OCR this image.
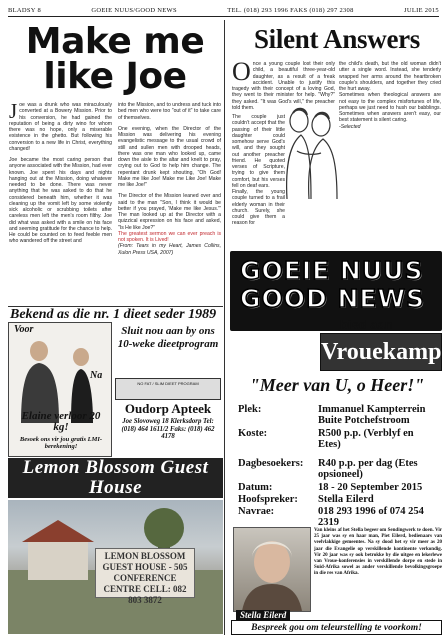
BLADSY 8	GOEIE NUUS/GOOD NEWS	TEL. (018) 293 1996 FAKS (018) 297 2308	JULIE 2015
Make me like Joe
J oe was a drunk who was miraculously converted at a Bowery Mission. Prior to his conversion, he had gained the reputation of being a dirty wino for whom there was no hope, only a miserable existence in the ghetto. But following his conversion to a new life in Christ, everything changed!

Joe became the most caring person that anyone associated with the Mission, had ever known. Joe spent his days and nights hanging out at the Mission, doing whatever needed to be done. There was never anything that he was asked to do that he considered beneath him, whether it was cleaning up the vomit left by some violently sick alcoholic or scrubbing toilets after careless men left the men's room filthy. Joe did what was asked with a smile on his face and seeming gratitude for the chance to help. He could be counted on to feed feeble men who wandered off the street and

into the Mission, and to undress and tuck into bed men who were too "out of it" to take care of themselves.

One evening, when the Director of the Mission was delivering his evening evangelistic message to the usual crowd of still and sullen men with drooped heads, there was one man who looked up, came down the aisle to the altar and knelt to pray, crying out to God to help him change. The repentant drunk kept shouting, "Oh God! Make me like Joe! Make me Like Joe! Make me like Joe!"

The Director of the Mission leaned over and said to the man "Son, I think it would be better if you prayed, 'Make me like Jesus.'" The man looked up at the Director with a quizzical expression on his face and asked, "Is He like Joe?"

The greatest sermon we can ever preach is not spoken. It is Lived!

(From: Tears in my Heart, James Collins, Xulon Press USA, 2007)

Silent Answers
O nce a young couple lost their only child, a beautiful three-year-old daughter, as a result of a freak accident. Unable to justify this tragedy with their concept of a loving God, they went to their minister for help. "Why?" they asked. "It was God's will," the preacher told them.

The couple just couldn't accept that the passing of their little daughter could somehow serve God's will, and they sought out another preacher friend. He quoted verses of Scripture, trying to give them comfort, but his verses fell on deaf ears.

Finally, the young couple turned to a frail elderly woman in their church. Surely, she could give them a reason for

the child's death, but the old woman didn't utter a single word. Instead, she tenderly wrapped her arms around the heartbroken couple's shoulders, and together they cried the hurt away.

Sometimes when theological answers are not easy to the complex misfortunes of life, perhaps we just need to hush our babblings. Sometimes when answers aren't easy, our best statement is silent caring.

-Selected

GOEIE NUUS
GOOD NEWS
bied aan
Vrouekamp
"Meer van U, o Heer!"
Plek:	Immanuel Kampterrein Buite Potchefstroom
Koste:	R500 p.p. (Verblyf en Etes)
Dagbesoekers: R40 p.p. per dag (Etes opsioneel)
Datum:	18 - 20 September 2015
Hoofspreker: Stella Eilerd
Navrae:	018 293 1996 of 074 254 2319
Stella Eilerd
Van kleins af het Stella begeer om Sendingwerk te doen. Vir 25 jaar was sy en haar man, Piet Eilerd, bedienaars van veelvlakkige gemeentes. Na sy dood het sy vir meer as 20 jaar die Evangelie op verskillende kontinente verkondig. Vir 20 jaar was sy ook betrokke by die uitgee en lekerlewe van Vroue-konferensies in verskillende dorpe en stede in Suid-Afrika sowel as ander verskillende bevolkingsgroepe in die res van Afrika.
Bespreek gou om teleurstelling te voorkom!
Bekend as die nr. 1 dieet seder 1989
Voor
Na
Elaine verloor 20 kg!
Besoek ons vir jou gratis LMI-berekening!
Sluit nou aan by ons 10-weke dieetprogram
NO FAT / SLIM DIEET PROGRAM
Oudorp Apteek
Joe Slovoweg 18 Klerksdorp Tel: (018) 464 1611/2 Faks: (018) 462 4178
Lemon Blossom Guest House
LEMON BLOSSOM GUEST HOUSE - 505 CONFERENCE CENTRE CELL: 082 803 3872
